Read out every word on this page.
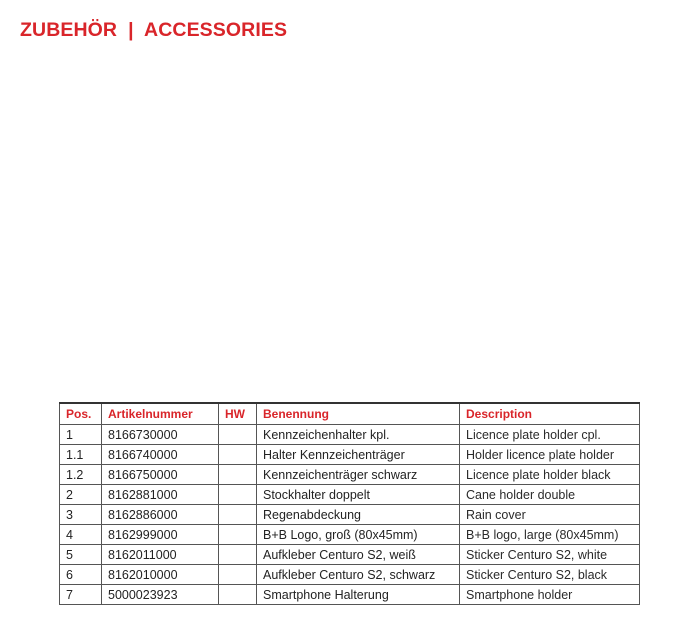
ZUBEHÖR  |  ACCESSORIES
Pos.	Artikelnummer	HW	Benennung	Description
1	8166730000		Kennzeichenhalter kpl.	Licence plate holder cpl.
1.1	8166740000		Halter Kennzeichenträger	Holder licence plate holder
1.2	8166750000		Kennzeichenträger schwarz	Licence plate holder black
2	8162881000		Stockhalter doppelt	Cane holder double
3	8162886000		Regenabdeckung	Rain cover
4	8162999000		B+B Logo, groß (80x45mm)	B+B logo, large (80x45mm)
5	8162011000		Aufkleber Centuro S2, weiß	Sticker Centuro S2, white
6	8162010000		Aufkleber Centuro S2, schwarz	Sticker Centuro S2, black
7	5000023923		Smartphone Halterung	Smartphone holder
